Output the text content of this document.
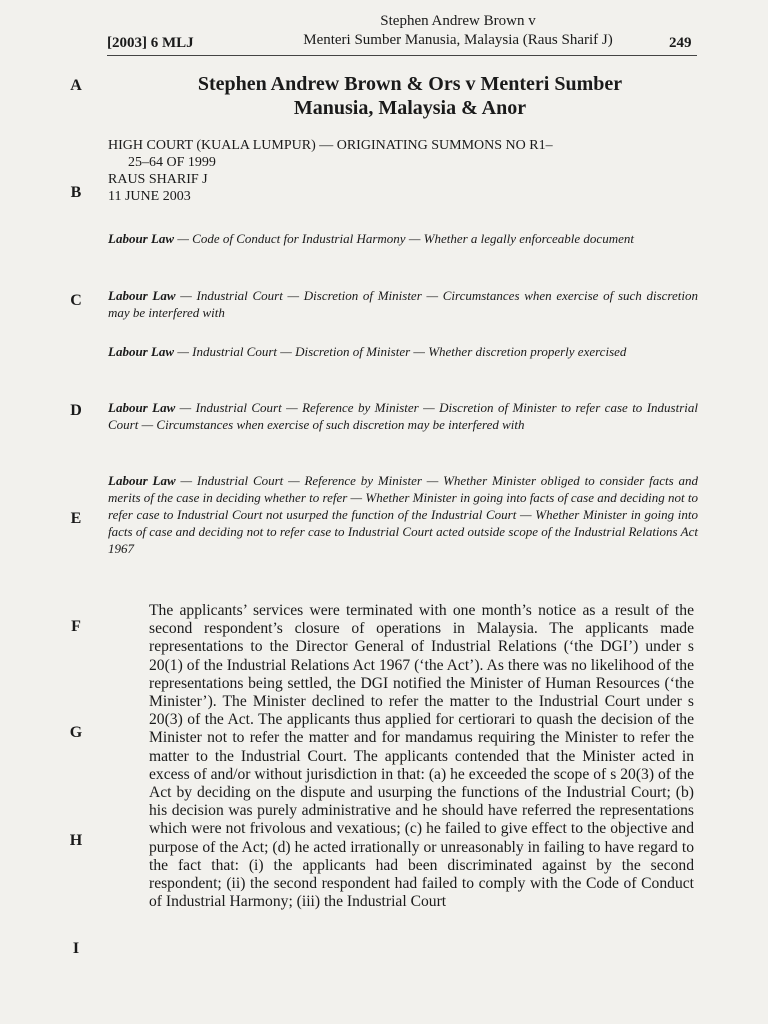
[2003] 6 MLJ
Stephen Andrew Brown v
Menteri Sumber Manusia, Malaysia (Raus Sharif J)	249
A
B
C
D
E
F
G
H
I
Stephen Andrew Brown & Ors v Menteri Sumber
Manusia, Malaysia & Anor

HIGH COURT (KUALA LUMPUR) — ORIGINATING SUMMONS NO R1–

25–64 OF 1999

RAUS SHARIF J

11 JUNE 2003

Labour Law — Code of Conduct for Industrial Harmony — Whether a legally enforceable document

Labour Law — Industrial Court — Discretion of Minister — Circumstances when exercise of such discretion may be interfered with

Labour Law — Industrial Court — Discretion of Minister — Whether discretion properly exercised

Labour Law — Industrial Court — Reference by Minister — Discretion of Minister to refer case to Industrial Court — Circumstances when exercise of such discretion may be interfered with

Labour Law — Industrial Court — Reference by Minister — Whether Minister obliged to consider facts and merits of the case in deciding whether to refer — Whether Minister in going into facts of case and deciding not to refer case to Industrial Court not usurped the function of the Industrial Court — Whether Minister in going into facts of case and deciding not to refer case to Industrial Court acted outside scope of the Industrial Relations Act 1967

The applicants’ services were terminated with one month’s notice as a result of the second respondent’s closure of operations in Malaysia. The applicants made representations to the Director General of Industrial Relations (‘the DGI’) under s 20(1) of the Industrial Relations Act 1967 (‘the Act’). As there was no likelihood of the representations being settled, the DGI notified the Minister of Human Resources (‘the Minister’). The Minister declined to refer the matter to the Industrial Court under s 20(3) of the Act. The applicants thus applied for certiorari to quash the decision of the Minister not to refer the matter and for mandamus requiring the Minister to refer the matter to the Industrial Court. The applicants contended that the Minister acted in excess of and/or without jurisdiction in that: (a) he exceeded the scope of s 20(3) of the Act by deciding on the dispute and usurping the functions of the Industrial Court; (b) his decision was purely administrative and he should have referred the representations which were not frivolous and vexatious; (c) he failed to give effect to the objective and purpose of the Act; (d) he acted irrationally or unreasonably in failing to have regard to the fact that: (i) the applicants had been discriminated against by the second respondent; (ii) the second respondent had failed to comply with the Code of Conduct of Industrial Harmony; (iii) the Industrial Court
